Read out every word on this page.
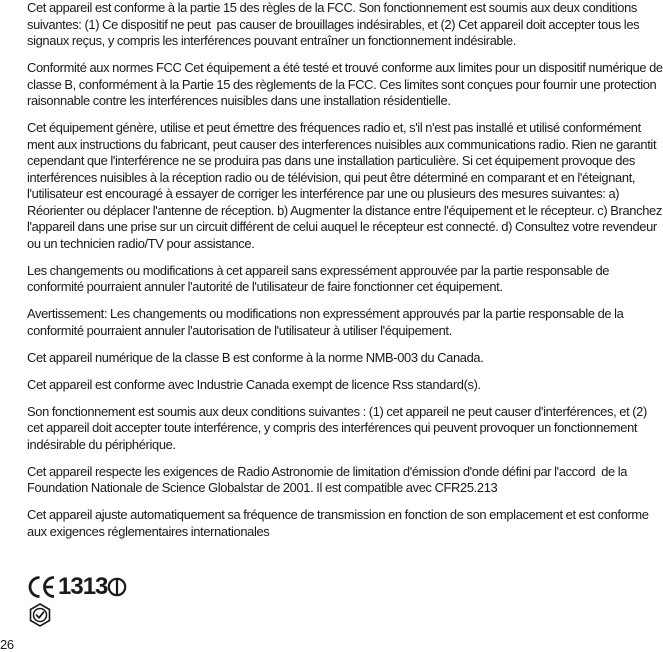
Cet appareil est conforme à la partie 15 des règles de la FCC. Son fonctionnement est soumis aux deux conditions suivantes: (1) Ce dispositif ne peut  pas causer de brouillages indésirables, et (2) Cet appareil doit accepter tous les signaux reçus, y compris les interférences pouvant entraîner un fonctionnement indésirable.

Conformité aux normes FCC Cet équipement a été testé et trouvé conforme aux limites pour un dispositif numérique de classe B, conformément à la Partie 15 des règlements de la FCC. Ces limites sont conçues pour fournir une protection raisonnable contre les interférences nuisibles dans une installation résidentielle.

Cet équipement génère, utilise et peut émettre des fréquences radio et, s'il n'est pas installé et utilisé conformément ment aux instructions du fabricant, peut causer des interferences nuisibles aux communications radio. Rien ne garantit cependant que l'interférence ne se produira pas dans une installation particulière. Si cet équipement provoque des interférences nuisibles à la réception radio ou de télévision, qui peut être déterminé en comparant et en l'éteignant, l'utilisateur est encouragé à essayer de corriger les interférence par une ou plusieurs des mesures suivantes: a) Réorienter ou déplacer l'antenne de réception. b) Augmenter la distance entre l'équipement et le récepteur. c) Branchez l'appareil dans une prise sur un circuit différent de celui auquel le récepteur est connecté. d) Consultez votre revendeur ou un technicien radio/TV pour assistance.

Les changements ou modifications à cet appareil sans expressément approuvée par la partie responsable de conformité pourraient annuler l'autorité de l'utilisateur de faire fonctionner cet équipement.

Avertissement: Les changements ou modifications non expressément approuvés par la partie responsable de la conformité pourraient annuler l'autorisation de l'utilisateur à utiliser l'équipement.

Cet appareil numérique de la classe B est conforme à la norme NMB-003 du Canada.

Cet appareil est conforme avec Industrie Canada exempt de licence Rss standard(s).

Son fonctionnement est soumis aux deux conditions suivantes : (1) cet appareil ne peut causer d'interférences, et (2) cet appareil doit accepter toute interférence, y compris des interférences qui peuvent provoquer un fonctionnement indésirable du périphérique.

Cet appareil respecte les exigences de Radio Astronomie de limitation d'émission d'onde défini par l'accord  de la Foundation Nationale de Science Globalstar de 2001. Il est compatible avec CFR25.213

Cet appareil ajuste automatiquement sa fréquence de transmission en fonction de son emplacement et est conforme aux exigences réglementaires internationales

1313
26
